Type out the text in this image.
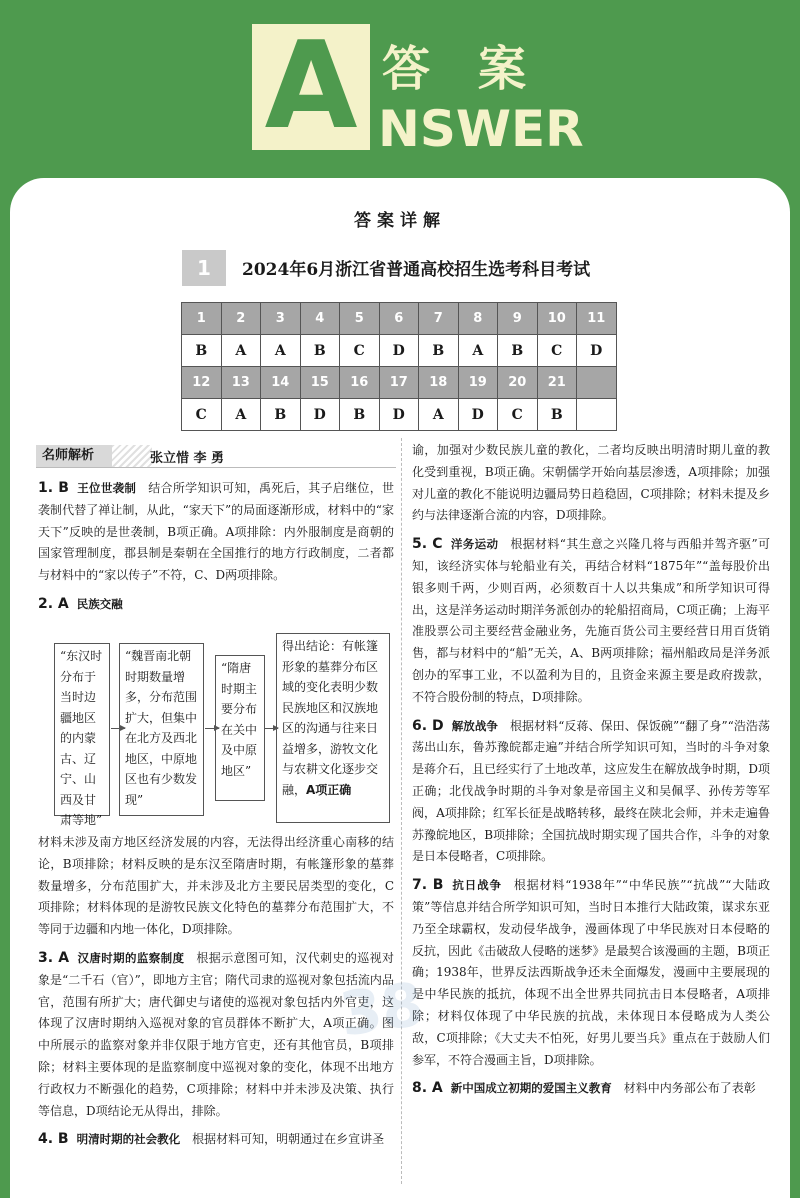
A 答案
NSWER
答案详解
1	2024年6月浙江省普通高校招生选考科目考试
1	2	3	4	5	6	7	8	9	10	11
B	A	A	B	C	D	B	A	B	C	D
12	13	14	15	16	17	18	19	20	21	
C	A	B	D	B	D	A	D	C	B	
名师解析	张立惜 李 勇

1. B 王位世袭制 结合所学知识可知，禹死后，其子启继位，世袭制代替了禅让制，从此，“家天下”的局面逐渐形成，材料中的“家天下”反映的是世袭制，B项正确。A项排除：内外服制度是商朝的国家管理制度，郡县制是秦朝在全国推行的地方行政制度，二者都与材料中的“家以传子”不符，C、D两项排除。

2. A 民族交融

“东汉时分布于当时边疆地区的内蒙古、辽宁、山西及甘肃等地”
“魏晋南北朝时期数量增多，分布范围扩大，但集中在北方及西北地区，中原地区也有少数发现”
“隋唐时期主要分布在关中及中原地区”
得出结论：有帐篷形象的墓葬分布区域的变化表明少数民族地区和汉族地区的沟通与往来日益增多，游牧文化与农耕文化逐步交融，A项正确

材料未涉及南方地区经济发展的内容，无法得出经济重心南移的结论，B项排除；材料反映的是东汉至隋唐时期，有帐篷形象的墓葬数量增多，分布范围扩大，并未涉及北方主要民居类型的变化，C项排除；材料体现的是游牧民族文化特色的墓葬分布范围扩大，不等同于边疆和内地一体化，D项排除。

3. A 汉唐时期的监察制度 根据示意图可知，汉代刺史的巡视对象是“二千石（官）”，即地方主官；隋代司隶的巡视对象包括流内品官，范围有所扩大；唐代御史与诸使的巡视对象包括内外官吏，这体现了汉唐时期纳入巡视对象的官员群体不断扩大，A项正确。图中所展示的监察对象并非仅限于地方官吏，还有其他官员，B项排除；材料主要体现的是监察制度中巡视对象的变化，体现不出地方行政权力不断强化的趋势，C项排除；材料中并未涉及决策、执行等信息，D项结论无从得出，排除。

4. B 明清时期的社会教化 根据材料可知，明朝通过在乡宣讲圣

谕，加强对少数民族儿童的教化，二者均反映出明清时期儿童的教化受到重视，B项正确。宋朝儒学开始向基层渗透，A项排除；加强对儿童的教化不能说明边疆局势日趋稳固，C项排除；材料未提及乡约与法律逐渐合流的内容，D项排除。

5. C 洋务运动 根据材料“其生意之兴隆几将与西船并驾齐驱”可知，该经济实体与轮船业有关，再结合材料“1875年”“盖每股价出银多则千两，少则百两，必须数百十人以共集成”和所学知识可得出，这是洋务运动时期洋务派创办的轮船招商局，C项正确；上海平准股票公司主要经营金融业务，先施百货公司主要经营日用百货销售，都与材料中的“船”无关，A、B两项排除；福州船政局是洋务派创办的军事工业，不以盈利为目的，且资金来源主要是政府拨款，不符合股份制的特点，D项排除。

6. D 解放战争 根据材料“反蒋、保田、保饭碗”“翻了身”“浩浩荡荡出山东，鲁苏豫皖都走遍”并结合所学知识可知，当时的斗争对象是蒋介石，且已经实行了土地改革，这应发生在解放战争时期，D项正确；北伐战争时期的斗争对象是帝国主义和吴佩孚、孙传芳等军阀，A项排除；红军长征是战略转移，最终在陕北会师，并未走遍鲁苏豫皖地区，B项排除；全国抗战时期实现了国共合作，斗争的对象是日本侵略者，C项排除。

7. B 抗日战争 根据材料“1938年”“中华民族”“抗战”“大陆政策”等信息并结合所学知识可知，当时日本推行大陆政策，谋求东亚乃至全球霸权，发动侵华战争，漫画体现了中华民族对日本侵略的反抗，因此《击破敌人侵略的迷梦》是最契合该漫画的主题，B项正确；1938年，世界反法西斯战争还未全面爆发，漫画中主要展现的是中华民族的抵抗，体现不出全世界共同抗击日本侵略者，A项排除；材料仅体现了中华民族的抗战，未体现日本侵略成为人类公敌，C项排除；《大丈夫不怕死，好男儿要当兵》重点在于鼓励人们参军，不符合漫画主旨，D项排除。

8. A 新中国成立初期的爱国主义教育 材料中内务部公布了表彰

38
